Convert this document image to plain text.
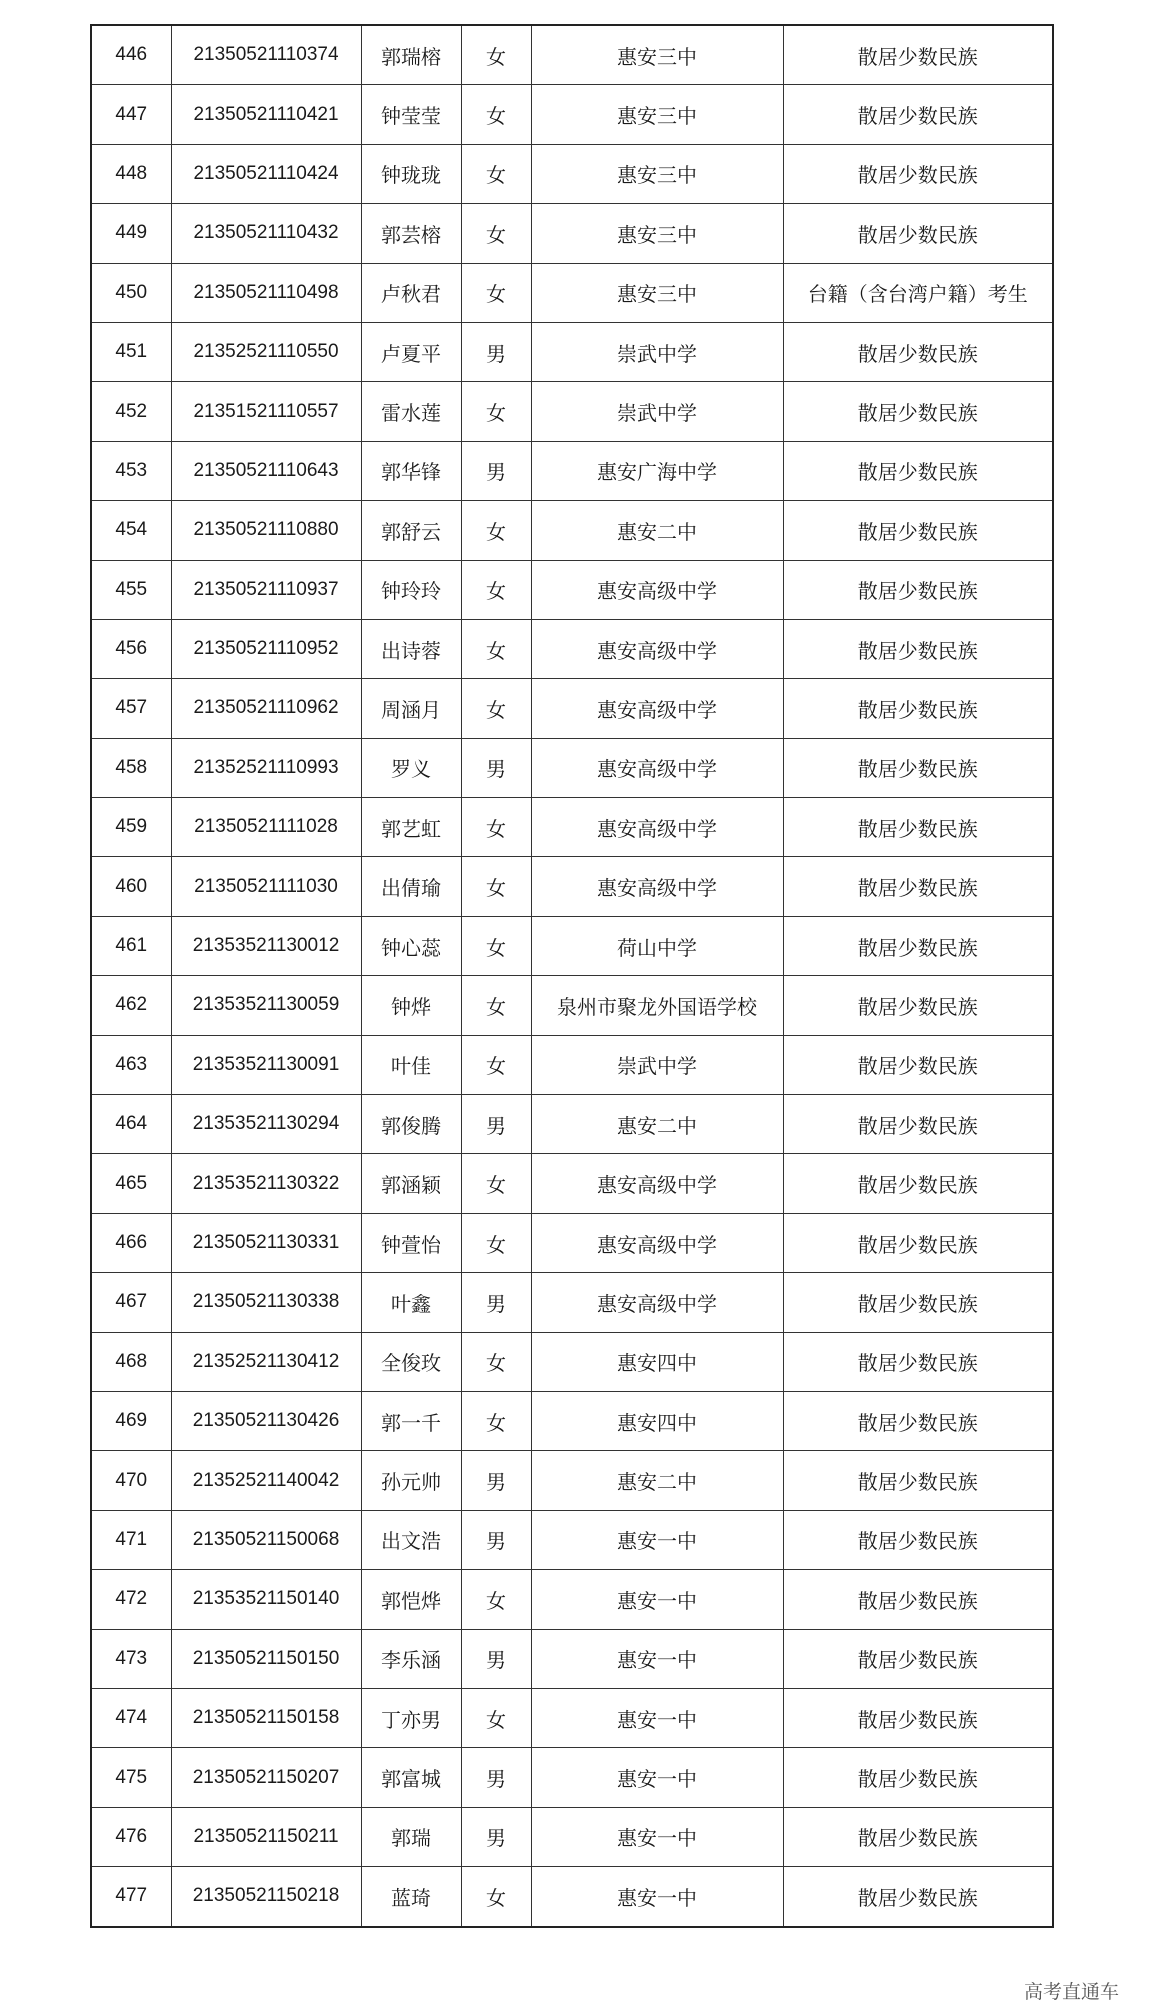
446	21350521110374	郭瑞榕	女	惠安三中	散居少数民族
447	21350521110421	钟莹莹	女	惠安三中	散居少数民族
448	21350521110424	钟珑珑	女	惠安三中	散居少数民族
449	21350521110432	郭芸榕	女	惠安三中	散居少数民族
450	21350521110498	卢秋君	女	惠安三中	台籍（含台湾户籍）考生
451	21352521110550	卢夏平	男	崇武中学	散居少数民族
452	21351521110557	雷水莲	女	崇武中学	散居少数民族
453	21350521110643	郭华锋	男	惠安广海中学	散居少数民族
454	21350521110880	郭舒云	女	惠安二中	散居少数民族
455	21350521110937	钟玲玲	女	惠安高级中学	散居少数民族
456	21350521110952	出诗蓉	女	惠安高级中学	散居少数民族
457	21350521110962	周涵月	女	惠安高级中学	散居少数民族
458	21352521110993	罗义	男	惠安高级中学	散居少数民族
459	21350521111028	郭艺虹	女	惠安高级中学	散居少数民族
460	21350521111030	出倩瑜	女	惠安高级中学	散居少数民族
461	21353521130012	钟心蕊	女	荷山中学	散居少数民族
462	21353521130059	钟烨	女	泉州市聚龙外国语学校	散居少数民族
463	21353521130091	叶佳	女	崇武中学	散居少数民族
464	21353521130294	郭俊腾	男	惠安二中	散居少数民族
465	21353521130322	郭涵颖	女	惠安高级中学	散居少数民族
466	21350521130331	钟萱怡	女	惠安高级中学	散居少数民族
467	21350521130338	叶鑫	男	惠安高级中学	散居少数民族
468	21352521130412	全俊玫	女	惠安四中	散居少数民族
469	21350521130426	郭一千	女	惠安四中	散居少数民族
470	21352521140042	孙元帅	男	惠安二中	散居少数民族
471	21350521150068	出文浩	男	惠安一中	散居少数民族
472	21353521150140	郭恺烨	女	惠安一中	散居少数民族
473	21350521150150	李乐涵	男	惠安一中	散居少数民族
474	21350521150158	丁亦男	女	惠安一中	散居少数民族
475	21350521150207	郭富城	男	惠安一中	散居少数民族
476	21350521150211	郭瑞	男	惠安一中	散居少数民族
477	21350521150218	蓝琦	女	惠安一中	散居少数民族
高考直通车
